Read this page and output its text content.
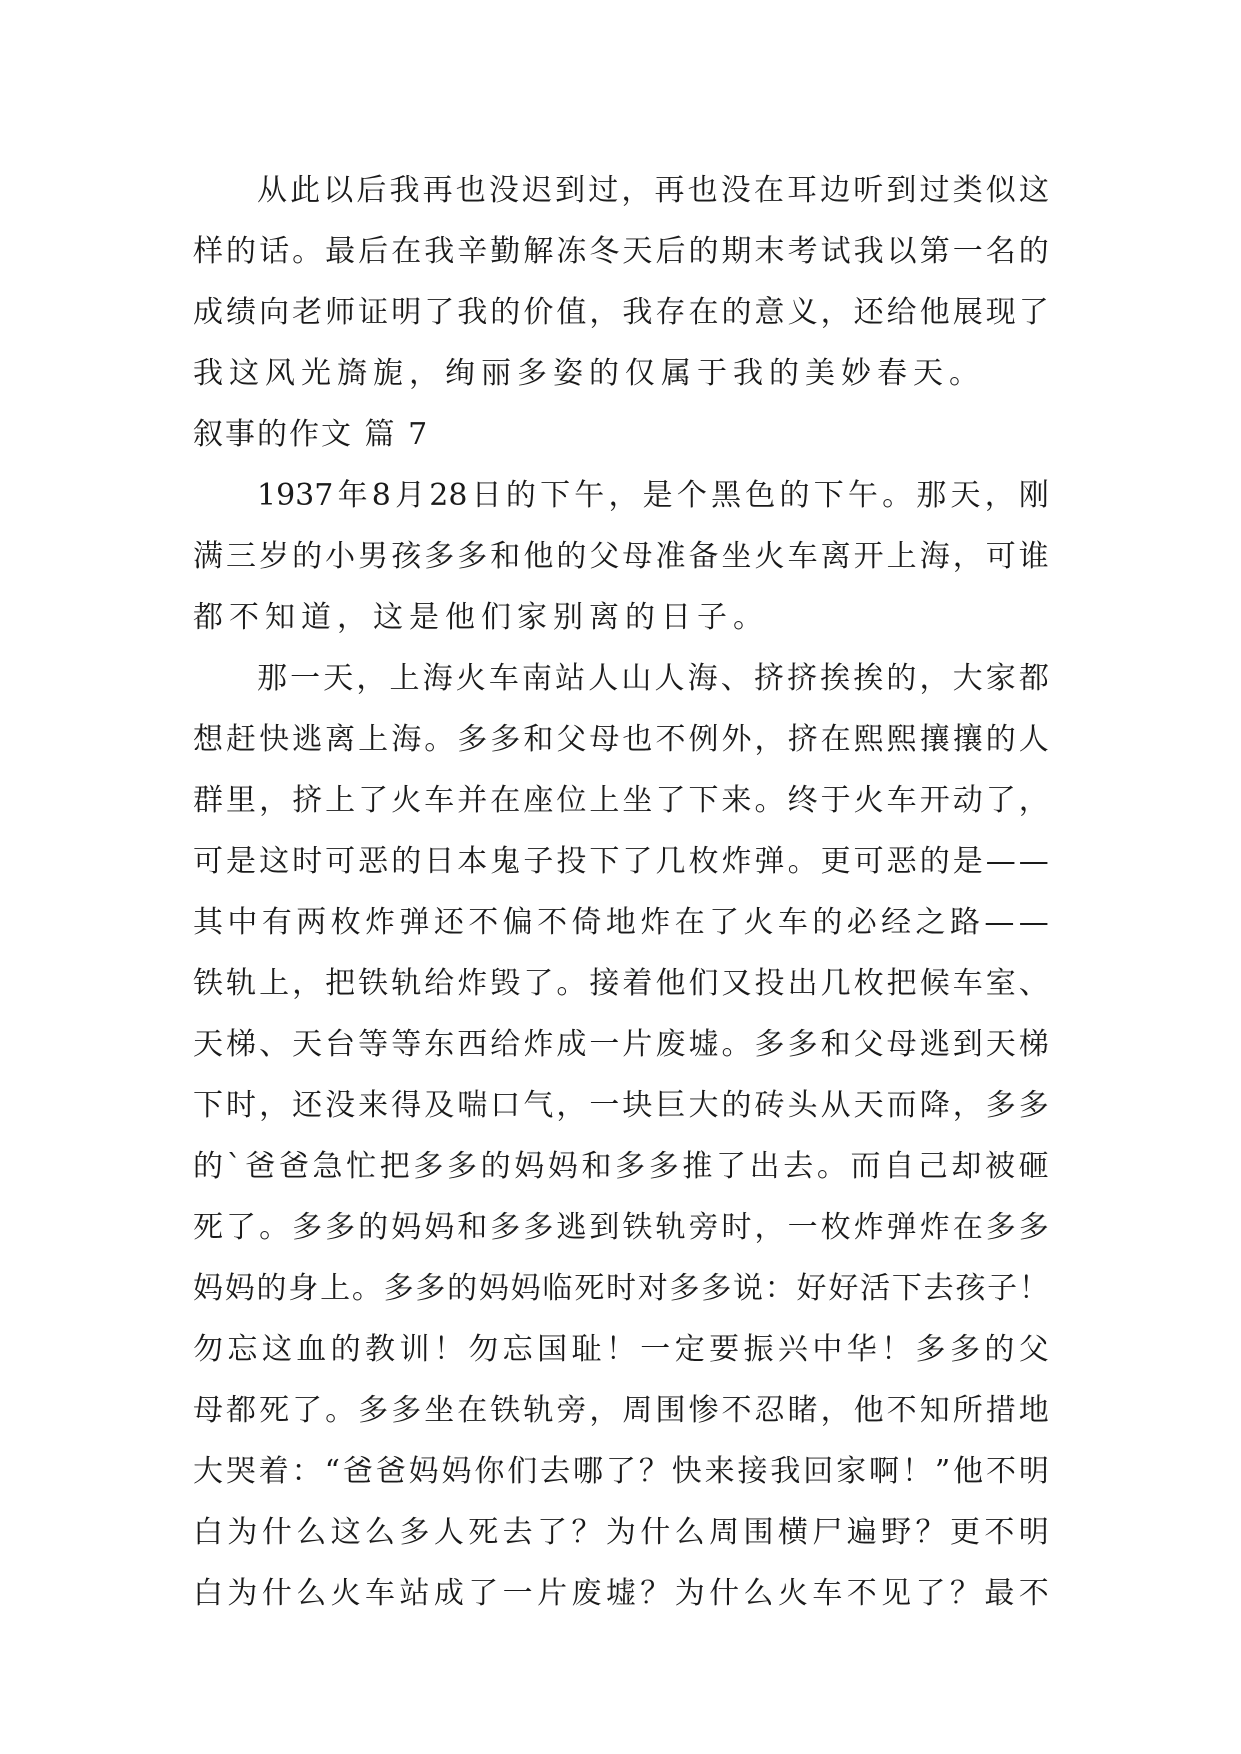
从 此 以 后 我 再 也 没 迟 到 过 ， 再 也 没 在 耳 边 听 到 过 类 似 这
样 的 话 。 最 后 在 我 辛 勤 解 冻 冬 天 后 的 期 末 考 试 我 以 第 一 名 的
成 绩 向 老 师 证 明 了 我 的 价 值 ， 我 存 在 的 意 义 ， 还 给 他 展 现 了
我这风光旖旎，绚丽多姿的仅属于我的美妙春天。
叙事的作文 篇 7
1937 年 8 月 28 日 的 下 午 ， 是 个 黑 色 的 下 午 。 那 天 ， 刚
满 三 岁 的 小 男 孩 多 多 和 他 的 父 母 准 备 坐 火 车 离 开 上 海 ， 可 谁
都不知道，这是他们家别离的日子。
那 一 天 ， 上 海 火 车 南 站 人 山 人 海 、 挤 挤 挨 挨 的 ， 大 家 都
想 赶 快 逃 离 上 海 。 多 多 和 父 母 也 不 例 外 ， 挤 在 熙 熙 攘 攘 的 人
群 里 ， 挤 上 了 火 车 并 在 座 位 上 坐 了 下 来 。 终 于 火 车 开 动 了 ，
可 是 这 时 可 恶 的 日 本 鬼 子 投 下 了 几 枚 炸 弹 。 更 可 恶 的 是 — —
其 中 有 两 枚 炸 弹 还 不 偏 不 倚 地 炸 在 了 火 车 的 必 经 之 路 — —
铁 轨 上 ， 把 铁 轨 给 炸 毁 了 。 接 着 他 们 又 投 出 几 枚 把 候 车 室 、
天 梯 、 天 台 等 等 东 西 给 炸 成 一 片 废 墟 。 多 多 和 父 母 逃 到 天 梯
下 时 ， 还 没 来 得 及 喘 口 气 ， 一 块 巨 大 的 砖 头 从 天 而 降 ， 多 多
的 ` 爸 爸 急 忙 把 多 多 的 妈 妈 和 多 多 推 了 出 去 。 而 自 己 却 被 砸
死 了 。 多 多 的 妈 妈 和 多 多 逃 到 铁 轨 旁 时 ， 一 枚 炸 弹 炸 在 多 多
妈 妈 的 身 上 。 多 多 的 妈 妈 临 死 时 对 多 多 说 ： 好 好 活 下 去 孩 子 ！
勿 忘 这 血 的 教 训 ！ 勿 忘 国 耻 ！ 一 定 要 振 兴 中 华 ！ 多 多 的 父
母 都 死 了 。 多 多 坐 在 铁 轨 旁 ， 周 围 惨 不 忍 睹 ， 他 不 知 所 措 地
大 哭 着 ： “ 爸 爸 妈 妈 你 们 去 哪 了 ？ 快 来 接 我 回 家 啊 ！ ” 他 不 明
白 为 什 么 这 么 多 人 死 去 了 ？ 为 什 么 周 围 横 尸 遍 野 ？ 更 不 明
白 为 什 么 火 车 站 成 了 一 片 废 墟 ？ 为 什 么 火 车 不 见 了 ？ 最 不
